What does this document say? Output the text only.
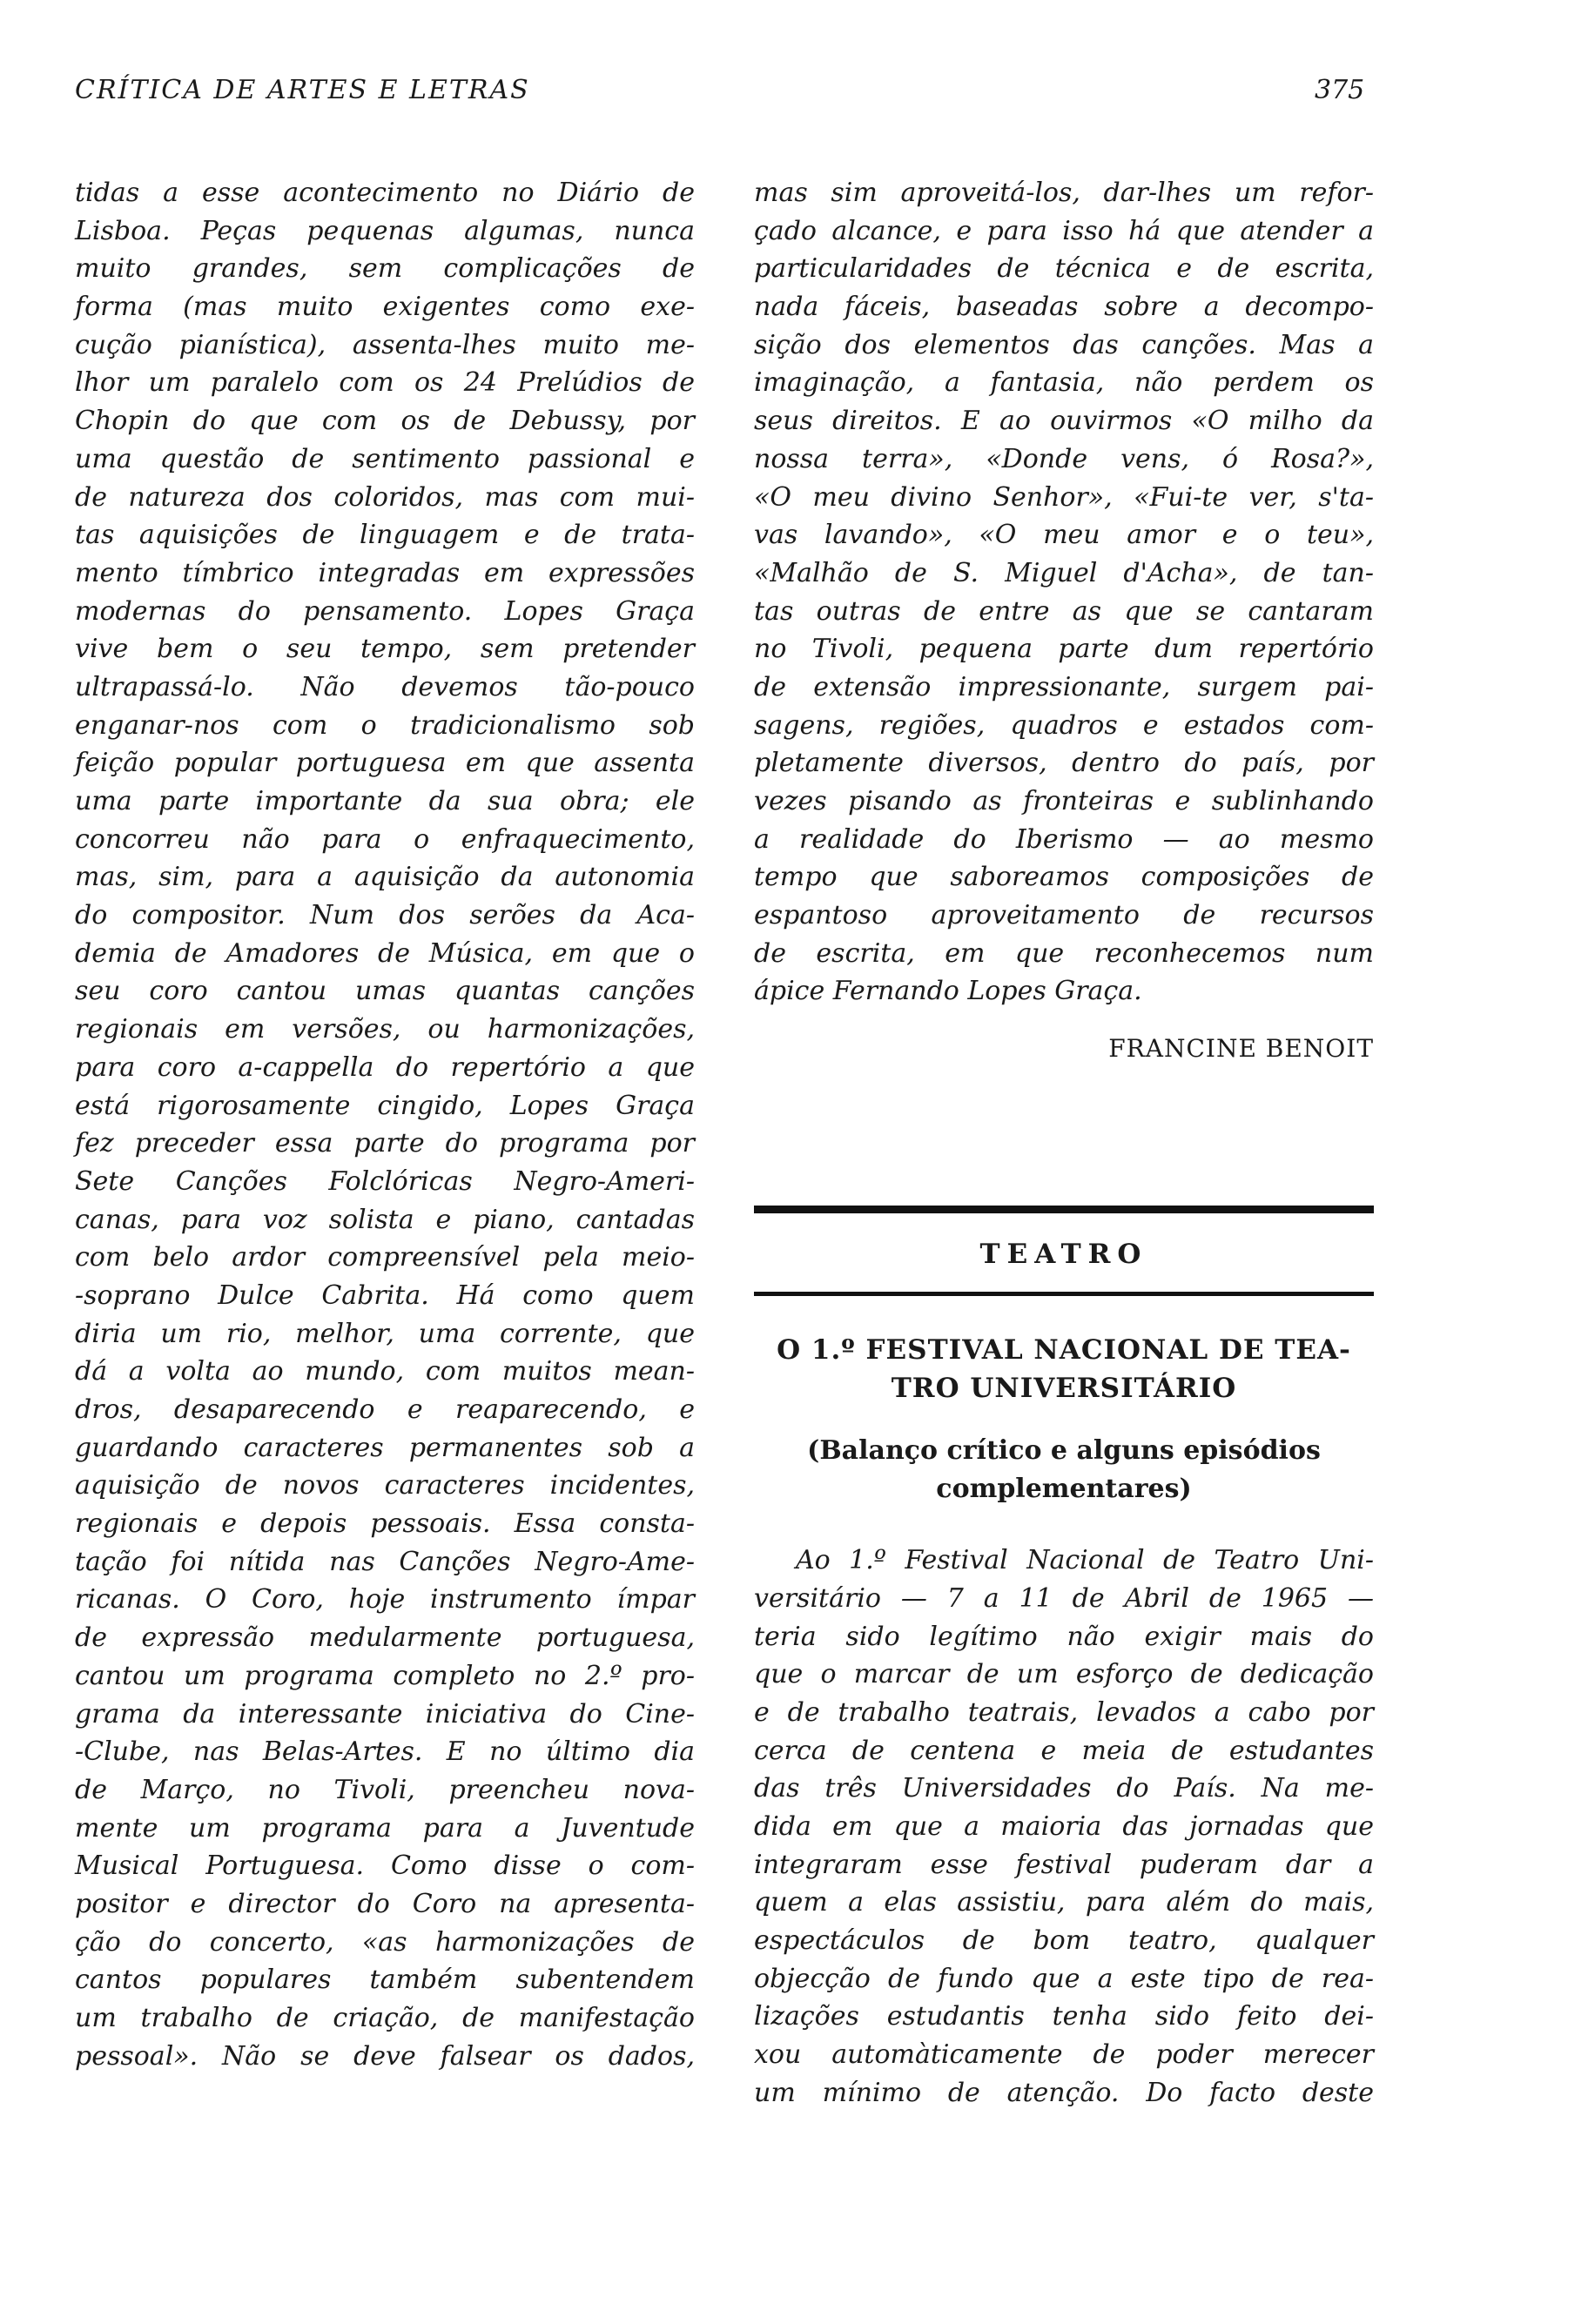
CRÍTICA DE ARTES E LETRAS	375
tidas a esse acontecimento no Diário de
Lisboa. Peças pequenas algumas, nunca
muito grandes, sem complicações de
forma (mas muito exigentes como exe-
cução pianística), assenta-lhes muito me-
lhor um paralelo com os 24 Prelúdios de
Chopin do que com os de Debussy, por
uma questão de sentimento passional e
de natureza dos coloridos, mas com mui-
tas aquisições de linguagem e de trata-
mento tímbrico integradas em expressões
modernas do pensamento. Lopes Graça
vive bem o seu tempo, sem pretender
ultrapassá-lo. Não devemos tão-pouco
enganar-nos com o tradicionalismo sob
feição popular portuguesa em que assenta
uma parte importante da sua obra; ele
concorreu não para o enfraquecimento,
mas, sim, para a aquisição da autonomia
do compositor. Num dos serões da Aca-
demia de Amadores de Música, em que o
seu coro cantou umas quantas canções
regionais em versões, ou harmonizações,
para coro a-cappella do repertório a que
está rigorosamente cingido, Lopes Graça
fez preceder essa parte do programa por
Sete Canções Folclóricas Negro-Ameri-
canas, para voz solista e piano, cantadas
com belo ardor compreensível pela meio-
-soprano Dulce Cabrita. Há como quem
diria um rio, melhor, uma corrente, que
dá a volta ao mundo, com muitos mean-
dros, desaparecendo e reaparecendo, e
guardando caracteres permanentes sob a
aquisição de novos caracteres incidentes,
regionais e depois pessoais. Essa consta-
tação foi nítida nas Canções Negro-Ame-
ricanas. O Coro, hoje instrumento ímpar
de expressão medularmente portuguesa,
cantou um programa completo no 2.º pro-
grama da interessante iniciativa do Cine-
-Clube, nas Belas-Artes. E no último dia
de Março, no Tivoli, preencheu nova-
mente um programa para a Juventude
Musical Portuguesa. Como disse o com-
positor e director do Coro na apresenta-
ção do concerto, «as harmonizações de
cantos populares também subentendem
um trabalho de criação, de manifestação
pessoal». Não se deve falsear os dados,
mas sim aproveitá-los, dar-lhes um refor-
çado alcance, e para isso há que atender a
particularidades de técnica e de escrita,
nada fáceis, baseadas sobre a decompo-
sição dos elementos das canções. Mas a
imaginação, a fantasia, não perdem os
seus direitos. E ao ouvirmos «O milho da
nossa terra», «Donde vens, ó Rosa?»,
«O meu divino Senhor», «Fui-te ver, s'ta-
vas lavando», «O meu amor e o teu»,
«Malhão de S. Miguel d'Acha», de tan-
tas outras de entre as que se cantaram
no Tivoli, pequena parte dum repertório
de extensão impressionante, surgem pai-
sagens, regiões, quadros e estados com-
pletamente diversos, dentro do país, por
vezes pisando as fronteiras e sublinhando
a realidade do Iberismo — ao mesmo
tempo que saboreamos composições de
espantoso aproveitamento de recursos
de escrita, em que reconhecemos num
ápice Fernando Lopes Graça.
FRANCINE BENOIT
TEATRO
O 1.º FESTIVAL NACIONAL DE TEA-
TRO UNIVERSITÁRIO
(Balanço crítico e alguns episódios
complementares)
Ao 1.º Festival Nacional de Teatro Uni-
versitário — 7 a 11 de Abril de 1965 —
teria sido legítimo não exigir mais do
que o marcar de um esforço de dedicação
e de trabalho teatrais, levados a cabo por
cerca de centena e meia de estudantes
das três Universidades do País. Na me-
dida em que a maioria das jornadas que
integraram esse festival puderam dar a
quem a elas assistiu, para além do mais,
espectáculos de bom teatro, qualquer
objecção de fundo que a este tipo de rea-
lizações estudantis tenha sido feito dei-
xou automàticamente de poder merecer
um mínimo de atenção. Do facto deste
